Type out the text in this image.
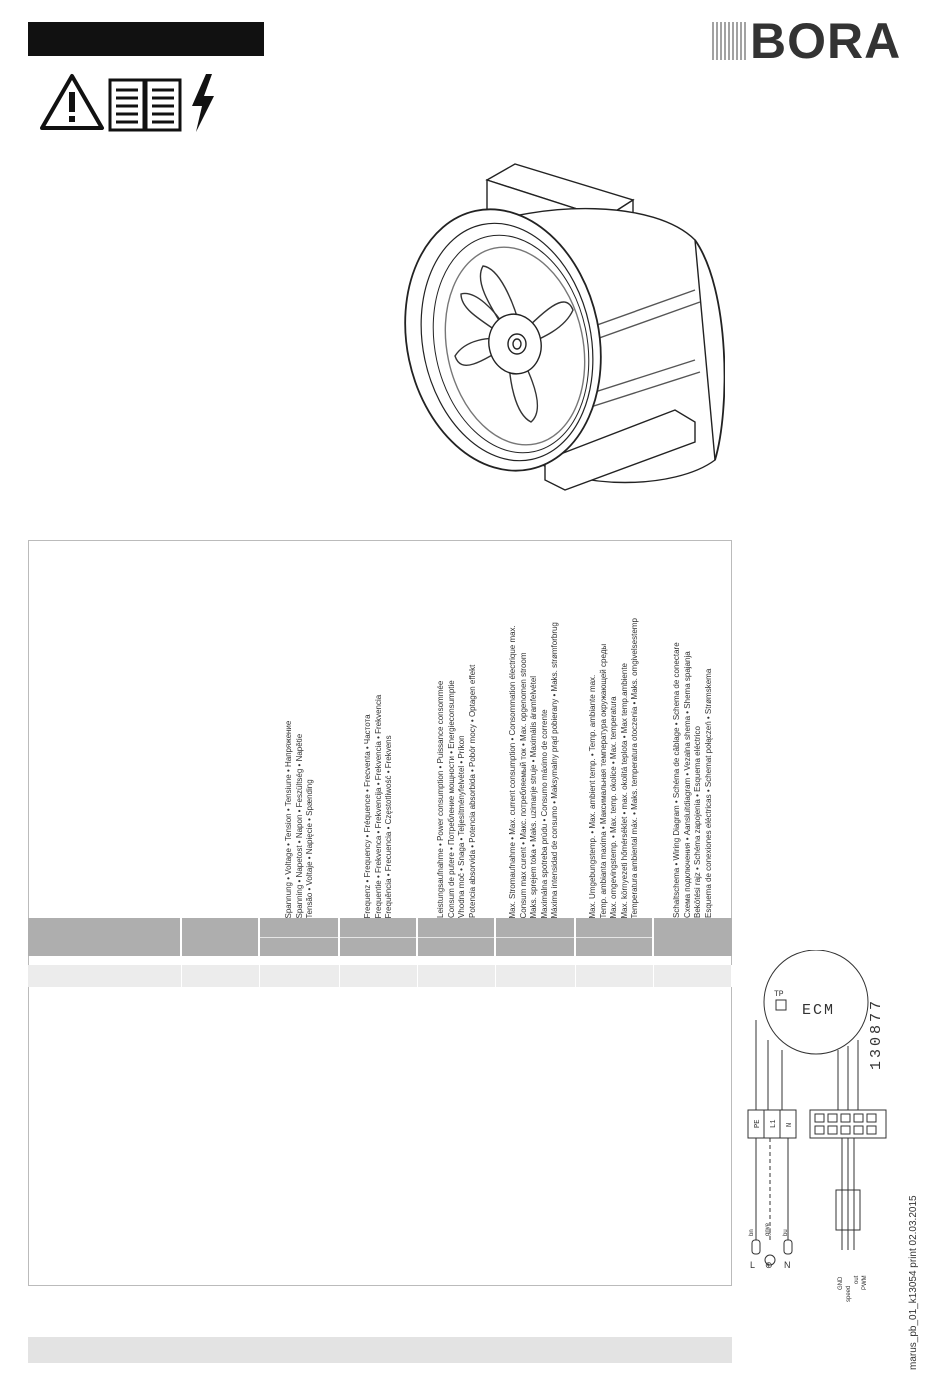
BORA
Spannung • Voltage • Tension • Tensiune • Напряжение Spanning • Napetost • Napon • Feszültség • Napětie Tensão • Voltaje • Napięcie • Spænding	Frequenz • Frequency • Fréquence • Frecventa • Частота Frequentie • Frekvenca • Frekvencija • Frekvencia • Frekvencia Frequência • Frecuencia • Częstotliwość • Frekvens	Leistungsaufnahme • Power consumption • Puissance consommée Consum de putere • Потребление мощности • Energieconsumptie Vhodna moč • Snaga • Teljesítményfelvétel • Príkon Potencia absorvida • Potencia absorbida • Pobór mocy • Optagen effekt	Max. Stromaufnahme • Max. current consumption • Consommation électrique max. Consum max curent • Макс. потребляемый ток • Max. opgenomen stroom Maks. sprejem toka • Maks. uzimanje struje • Maximális áramfelvétel Maximálna spotreba prúdu • Consumo máximo de corrente Máxima intensidad de consumo • Maksymalny prąd pobierany • Maks. strømforbrug	Max. Umgebungstemp. • Max. ambient temp. • Temp. ambiante max. Temp. ambianta maxima • Максимальная температура окружающей среды Max. omgevingstemp. • Max. temp. okolice • Max. temperatura Max. környezeti hőmérséklet • max. okolitá teplota • Max temp.ambiente Temperatura ambiental máx. • Maks. temperatura otoczenia • Maks. omgivelsestemp	Schaltschema • Wiring Diagram • Schéma de câblage • Schema de conectare Схема подключения • Aansluitdiagram • Vezalna shema • Shema spajanja Bekötési rajz • Schéma zapojenia • Esquema eléctrico Esquema de conexiones eléctricas • Schemat połączeń • Strømskema
ECM
TP
PE L1 N
bn gnye bu
L ⊕ N
GND
speed
out PWM
130877
marus_pb_01_k13054 print 02.03.2015
